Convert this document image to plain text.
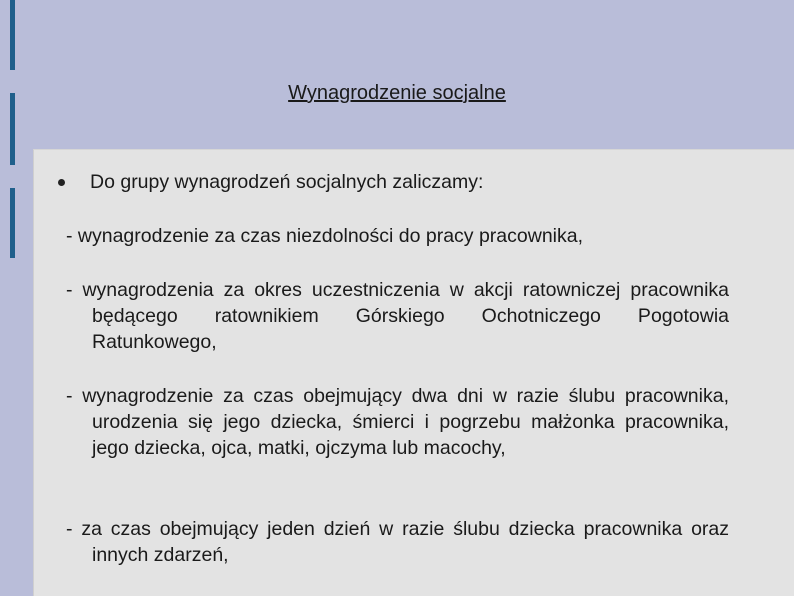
Wynagrodzenie socjalne
Do grupy wynagrodzeń socjalnych zaliczamy:

- wynagrodzenie za czas niezdolności do pracy pracownika,

- wynagrodzenia za okres uczestniczenia w akcji ratowniczej pracownika będącego ratownikiem Górskiego Ochotniczego Pogotowia Ratunkowego,

- wynagrodzenie za czas obejmujący dwa dni w razie ślubu pracownika, urodzenia się jego dziecka, śmierci i pogrzebu małżonka pracownika, jego dziecka, ojca, matki, ojczyma lub macochy,

- za czas obejmujący jeden dzień w razie ślubu dziecka pracownika oraz innych zdarzeń,
